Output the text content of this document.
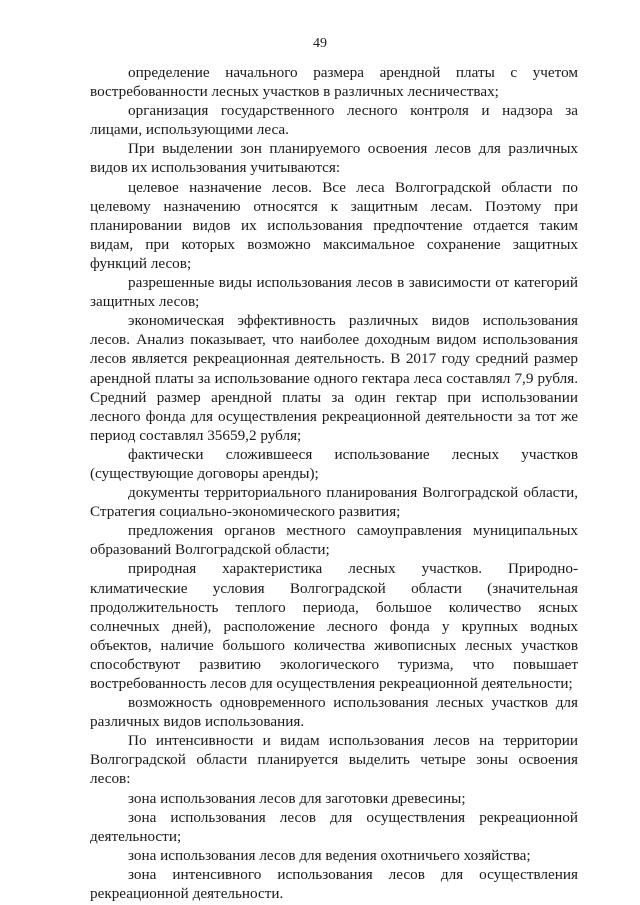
49

определение начального размера арендной платы с учетом востребованности лесных участков в различных лесничествах;

организация государственного лесного контроля и надзора за лицами, использующими леса.

При выделении зон планируемого освоения лесов для различных видов их использования учитываются:

целевое назначение лесов. Все леса Волгоградской области по целевому назначению относятся к защитным лесам. Поэтому при планировании видов их использования предпочтение отдается таким видам, при которых возможно максимальное сохранение защитных функций лесов;

разрешенные виды использования лесов в зависимости от категорий защитных лесов;

экономическая эффективность различных видов использования лесов. Анализ показывает, что наиболее доходным видом использования лесов является рекреационная деятельность. В 2017 году средний размер арендной платы за использование одного гектара леса составлял 7,9 рубля. Средний размер арендной платы за один гектар при использовании лесного фонда для осуществления рекреационной деятельности за тот же период составлял 35659,2 рубля;

фактически сложившееся использование лесных участков (существующие договоры аренды);

документы территориального планирования Волгоградской области, Стратегия социально-экономического развития;

предложения органов местного самоуправления муниципальных образований Волгоградской области;

природная характеристика лесных участков. Природно-климатические условия Волгоградской области (значительная продолжительность теплого периода, большое количество ясных солнечных дней), расположение лесного фонда у крупных водных объектов, наличие большого количества живописных лесных участков способствуют развитию экологического туризма, что повышает востребованность лесов для осуществления рекреационной деятельности;

возможность одновременного использования лесных участков для различных видов использования.

По интенсивности и видам использования лесов на территории Волгоградской области планируется выделить четыре зоны освоения лесов:

зона использования лесов для заготовки древесины;

зона использования лесов для осуществления рекреационной деятельности;

зона использования лесов для ведения охотничьего хозяйства;

зона интенсивного использования лесов для осуществления рекреационной деятельности.
